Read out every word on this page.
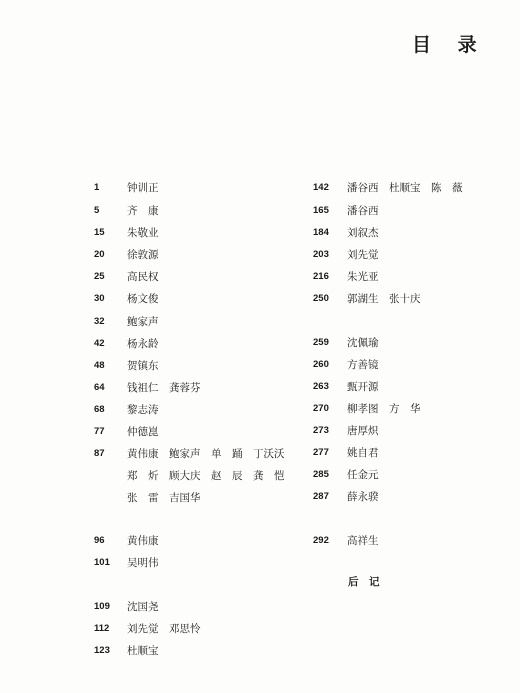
目 录
1	钟训正
5	齐　康
15 朱敬业
20 徐敦源
25 高民权
30 杨文俊
32 鲍家声
42 杨永龄
48 贺镇东
64 钱祖仁　龚蓉芬
68 黎志涛
77 仲德崑
87 黄伟康　鲍家声　单　踊　丁沃沃
郑　炘　顾大庆　赵　辰　龚　恺
张　雷　吉国华
96 黄伟康
101 吴明伟
109 沈国尧
112 刘先觉　邓思怜
123 杜顺宝
142 潘谷西　杜顺宝　陈　薇
165 潘谷西
184 刘叙杰
203 刘先觉
216 朱光亚
250 郭湖生　张十庆
259 沈佩瑜
260 方善镜
263 甄开源
270 柳孝图　方　华
273 唐厚炽
277 姚自君
285 任金元
287 薛永骙
292 高祥生
后　记
